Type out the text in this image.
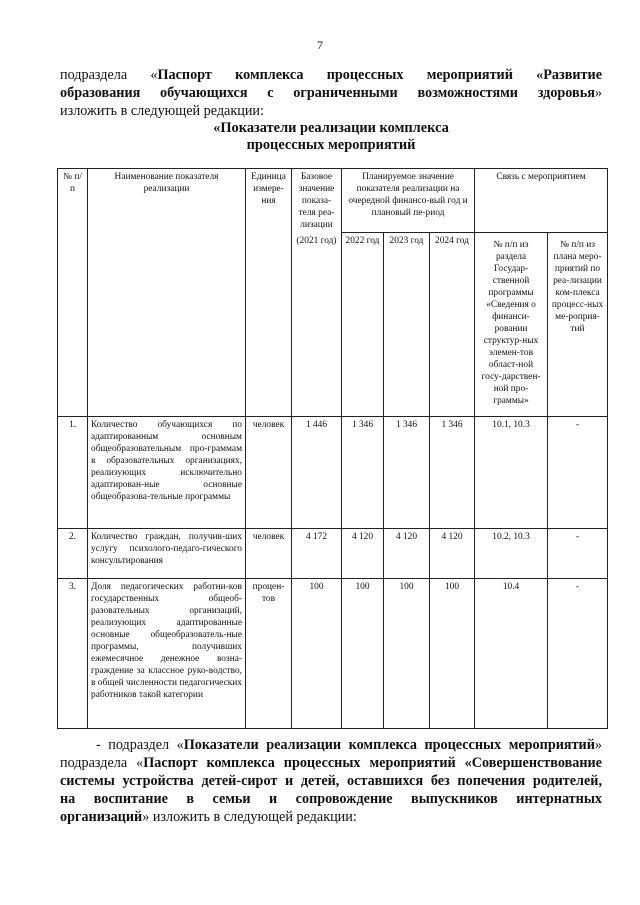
7
подраздела «Паспорт комплекса процессных мероприятий «Развитие
образования обучающихся с ограниченными возможностями здоровья»
изложить в следующей редакции:
«Показатели реализации комплекса
процессных мероприятий
№ п/п	Наименование показателя реализации	Единица измере-ния	Базовое значение показа-теля реа-лизации
(2021 год)	Планируемое значение показателя реализации на очередной финансо-вый год и плановый пе-риод			Связь с мероприятием	
				2022 год	2023 год	2024 год	№ п/п из раздела Государ-ственной программы «Сведения о финанси-ровании структур-ных элемен-тов област-ной госу-дарствен-ной про-граммы»	№ п/п из плана меро-приятий по реа-лизации ком-плекса процесс-ных ме-роприя-тий
1.	Количество обучающихся по адаптированным основным общеобразовательным про-граммам в образовательных организациях, реализующих исключительно адаптирован-ные основные общеобразова-тельные программы	человек	1 446	1 346	1 346	1 346	10.1, 10.3	-
2.	Количество граждан, получив-ших услугу психолого-педаго-гического консультирования	человек	4 172	4 120	4 120	4 120	10.2, 10.3	-
3.	Доля педагогических работни-ков государственных общеоб-разовательных организаций, реализующих адаптированные основные общеобразователь-ные программы, получивших ежемесячное денежное возна-граждение за классное руко-водство, в общей численности педагогических работников такой категории	процен-тов	100	100	100	100	10.4	-
- подраздел «Показатели реализации комплекса процессных мероприятий»
подраздела «Паспорт комплекса процессных мероприятий «Совершенствование
системы устройства детей-сирот и детей, оставшихся без попечения родителей,
на воспитание в семьи и сопровождение выпускников интернатных
организаций» изложить в следующей редакции:
